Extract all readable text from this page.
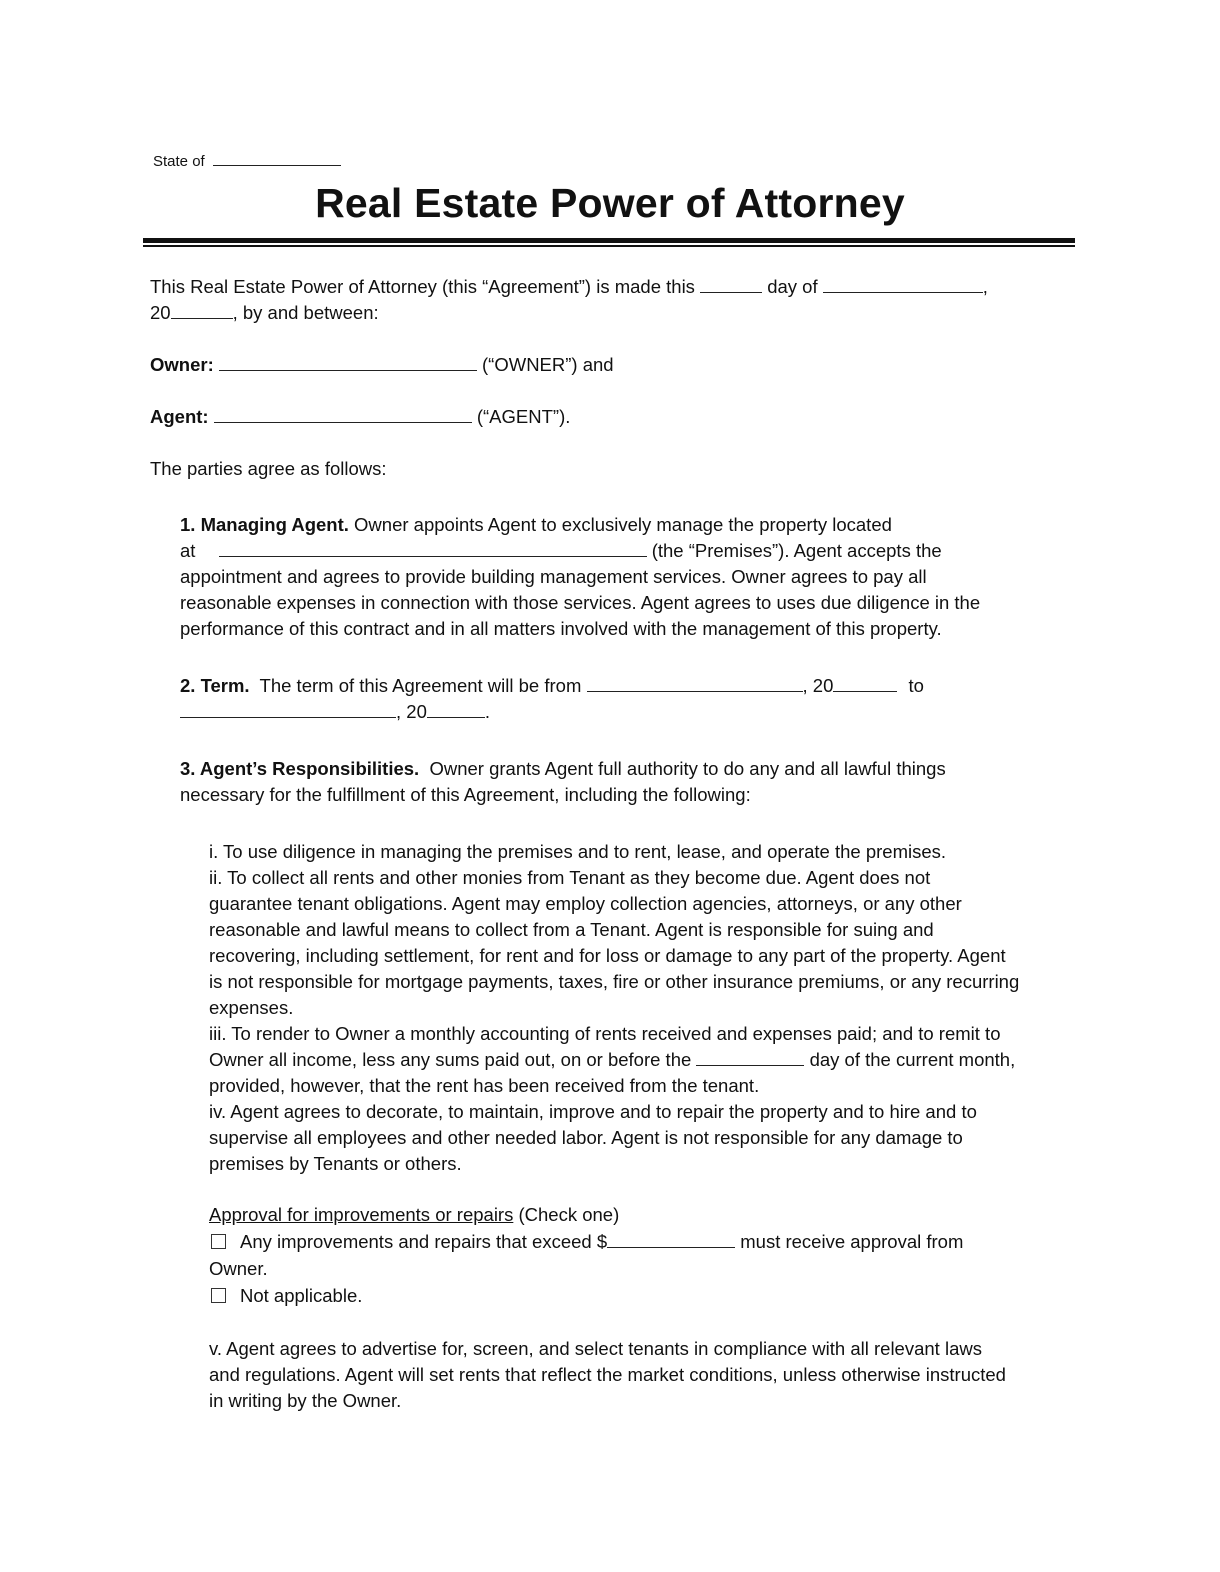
State of
Real Estate Power of Attorney
This Real Estate Power of Attorney (this “Agreement”) is made this	day of	,
20	, by and between:
Owner:	(“OWNER”) and
Agent:	(“AGENT”).
The parties agree as follows:
1. Managing Agent. Owner appoints Agent to exclusively manage the property located
at	(the “Premises”). Agent accepts the
appointment and agrees to provide building management services. Owner agrees to pay all
reasonable expenses in connection with those services. Agent agrees to uses due diligence in the
performance of this contract and in all matters involved with the management of this property.
2. Term. The term of this Agreement will be from	, 20	to
, 20	.
3. Agent’s Responsibilities. Owner grants Agent full authority to do any and all lawful things
necessary for the fulfillment of this Agreement, including the following:
i. To use diligence in managing the premises and to rent, lease, and operate the premises.
ii. To collect all rents and other monies from Tenant as they become due. Agent does not
guarantee tenant obligations. Agent may employ collection agencies, attorneys, or any other
reasonable and lawful means to collect from a Tenant. Agent is responsible for suing and
recovering, including settlement, for rent and for loss or damage to any part of the property. Agent
is not responsible for mortgage payments, taxes, fire or other insurance premiums, or any recurring
expenses.
iii. To render to Owner a monthly accounting of rents received and expenses paid; and to remit to
Owner all income, less any sums paid out, on or before the	day of the current month,
provided, however, that the rent has been received from the tenant.
iv. Agent agrees to decorate, to maintain, improve and to repair the property and to hire and to
supervise all employees and other needed labor. Agent is not responsible for any damage to
premises by Tenants or others.
Approval for improvements or repairs (Check one)
Any improvements and repairs that exceed $	must receive approval from
Owner.
Not applicable.
v. Agent agrees to advertise for, screen, and select tenants in compliance with all relevant laws
and regulations. Agent will set rents that reflect the market conditions, unless otherwise instructed
in writing by the Owner.
